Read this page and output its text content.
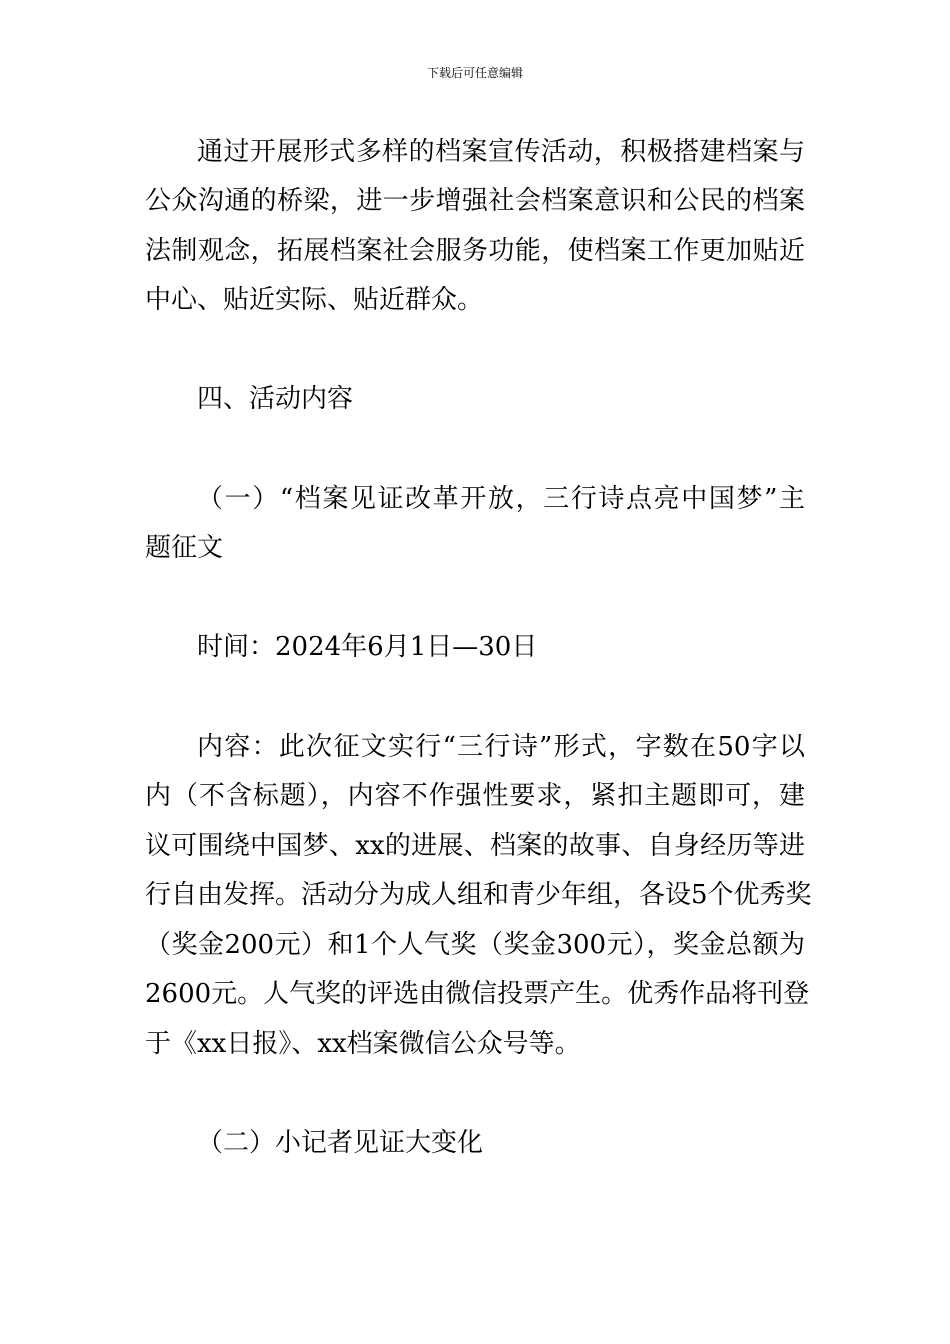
下载后可任意编辑
通过开展形式多样的档案宣传活动，积极搭建档案与
公众沟通的桥梁，进一步增强社会档案意识和公民的档案
法制观念，拓展档案社会服务功能，使档案工作更加贴近
中心、贴近实际、贴近群众。
四、活动内容
（一）“档案见证改革开放，三行诗点亮中国梦”主
题征文
时间：2024年6月1日—30日
内容：此次征文实行“三行诗”形式，字数在50字以
内（不含标题），内容不作强性要求，紧扣主题即可，建
议可围绕中国梦、xx的进展、档案的故事、自身经历等进
行自由发挥。活动分为成人组和青少年组，各设5个优秀奖
（奖金200元）和1个人气奖（奖金300元），奖金总额为
2600元。人气奖的评选由微信投票产生。优秀作品将刊登
于《xx日报》、xx档案微信公众号等。
（二）小记者见证大变化
